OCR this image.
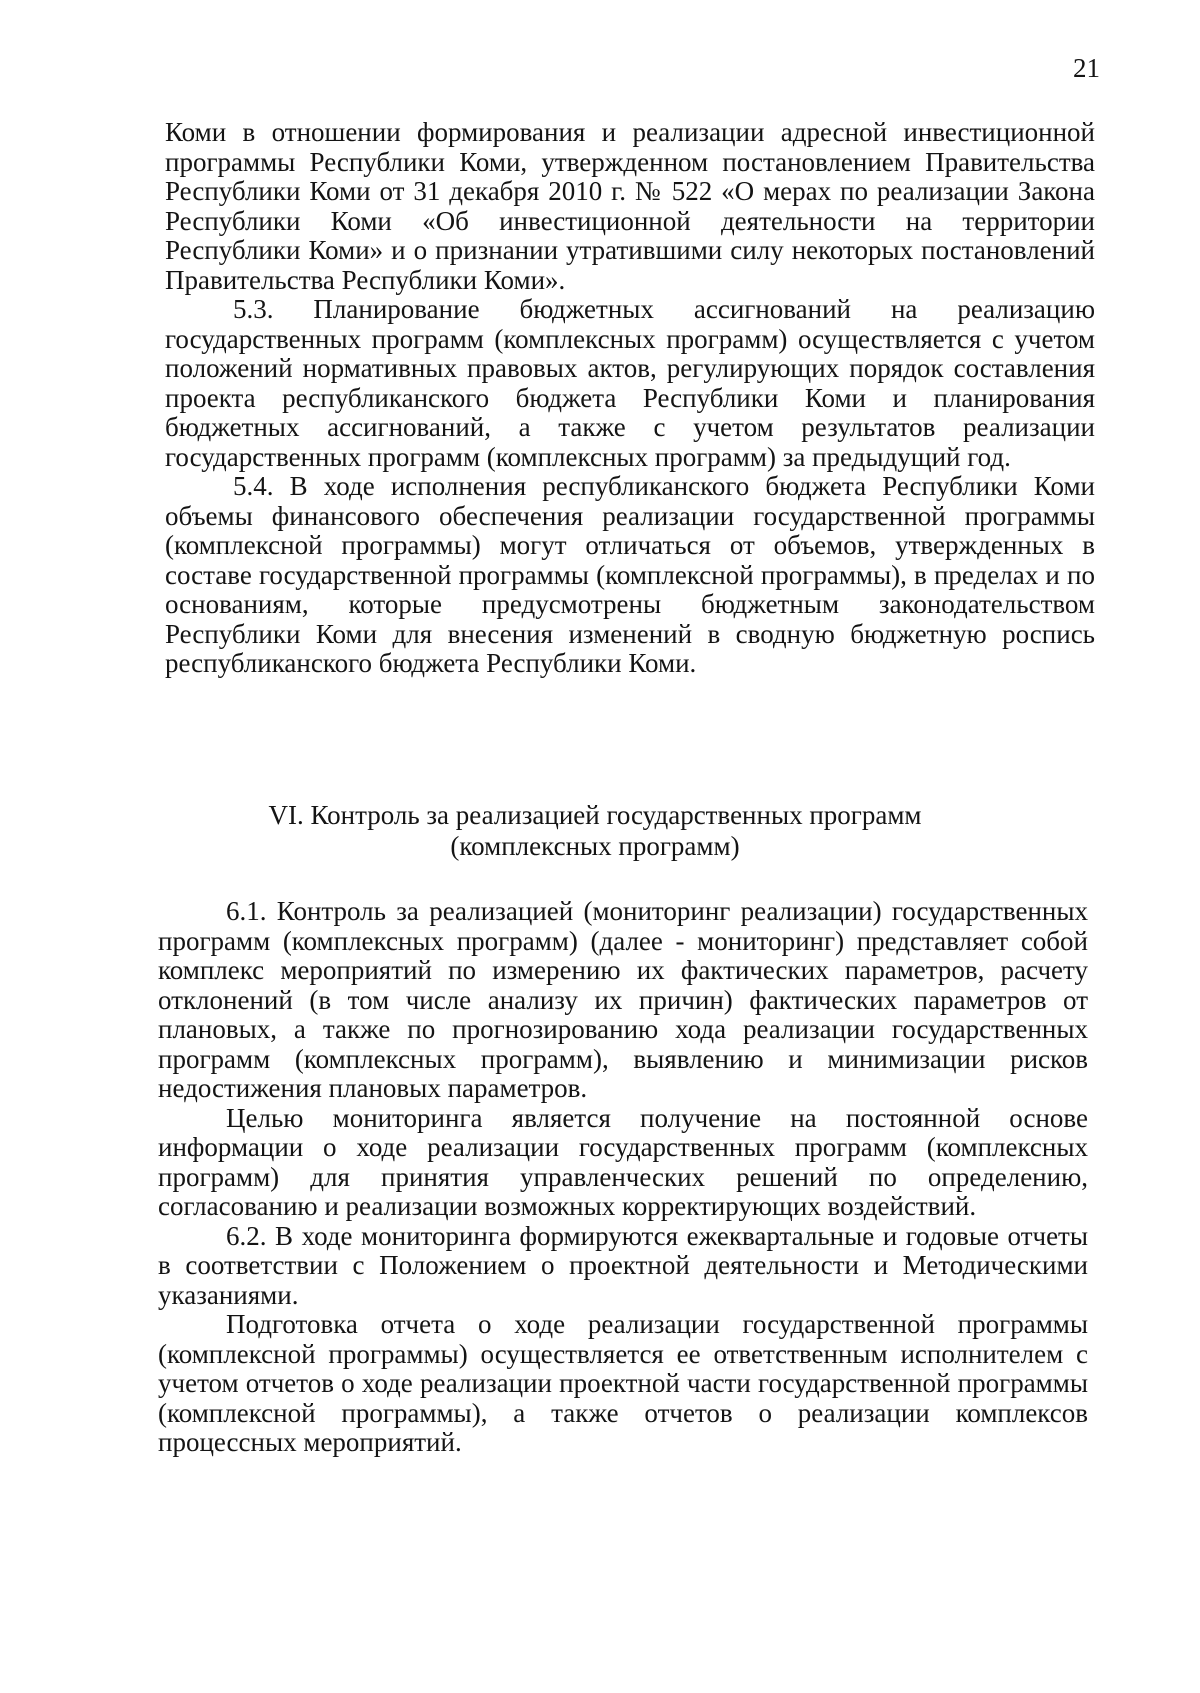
21

Коми в отношении формирования и реализации адресной инвестиционной программы Республики Коми, утвержденном постановлением Правительства Республики Коми от 31 декабря 2010 г. № 522 «О мерах по реализации Закона Республики Коми «Об инвестиционной деятельности на территории Республики Коми» и о признании утратившими силу некоторых постановлений Правительства Республики Коми».

5.3. Планирование бюджетных ассигнований на реализацию государственных программ (комплексных программ) осуществляется с учетом положений нормативных правовых актов, регулирующих порядок составления проекта республиканского бюджета Республики Коми и планирования бюджетных ассигнований, а также с учетом результатов реализации государственных программ (комплексных программ) за предыдущий год.

5.4. В ходе исполнения республиканского бюджета Республики Коми объемы финансового обеспечения реализации государственной программы (комплексной программы) могут отличаться от объемов, утвержденных в составе государственной программы (комплексной программы), в пределах и по основаниям, которые предусмотрены бюджетным законодательством Республики Коми для внесения изменений в сводную бюджетную роспись республиканского бюджета Республики Коми.

VI. Контроль за реализацией государственных программ
(комплексных программ)

6.1. Контроль за реализацией (мониторинг реализации) государственных программ (комплексных программ) (далее - мониторинг) представляет собой комплекс мероприятий по измерению их фактических параметров, расчету отклонений (в том числе анализу их причин) фактических параметров от плановых, а также по прогнозированию хода реализации государственных программ (комплексных программ), выявлению и минимизации рисков недостижения плановых параметров.

Целью мониторинга является получение на постоянной основе информации о ходе реализации государственных программ (комплексных программ) для принятия управленческих решений по определению, согласованию и реализации возможных корректирующих воздействий.

6.2. В ходе мониторинга формируются ежеквартальные и годовые отчеты в соответствии с Положением о проектной деятельности и Методическими указаниями.

Подготовка отчета о ходе реализации государственной программы (комплексной программы) осуществляется ее ответственным исполнителем с учетом отчетов о ходе реализации проектной части государственной программы (комплексной программы), а также отчетов о реализации комплексов процессных мероприятий.
